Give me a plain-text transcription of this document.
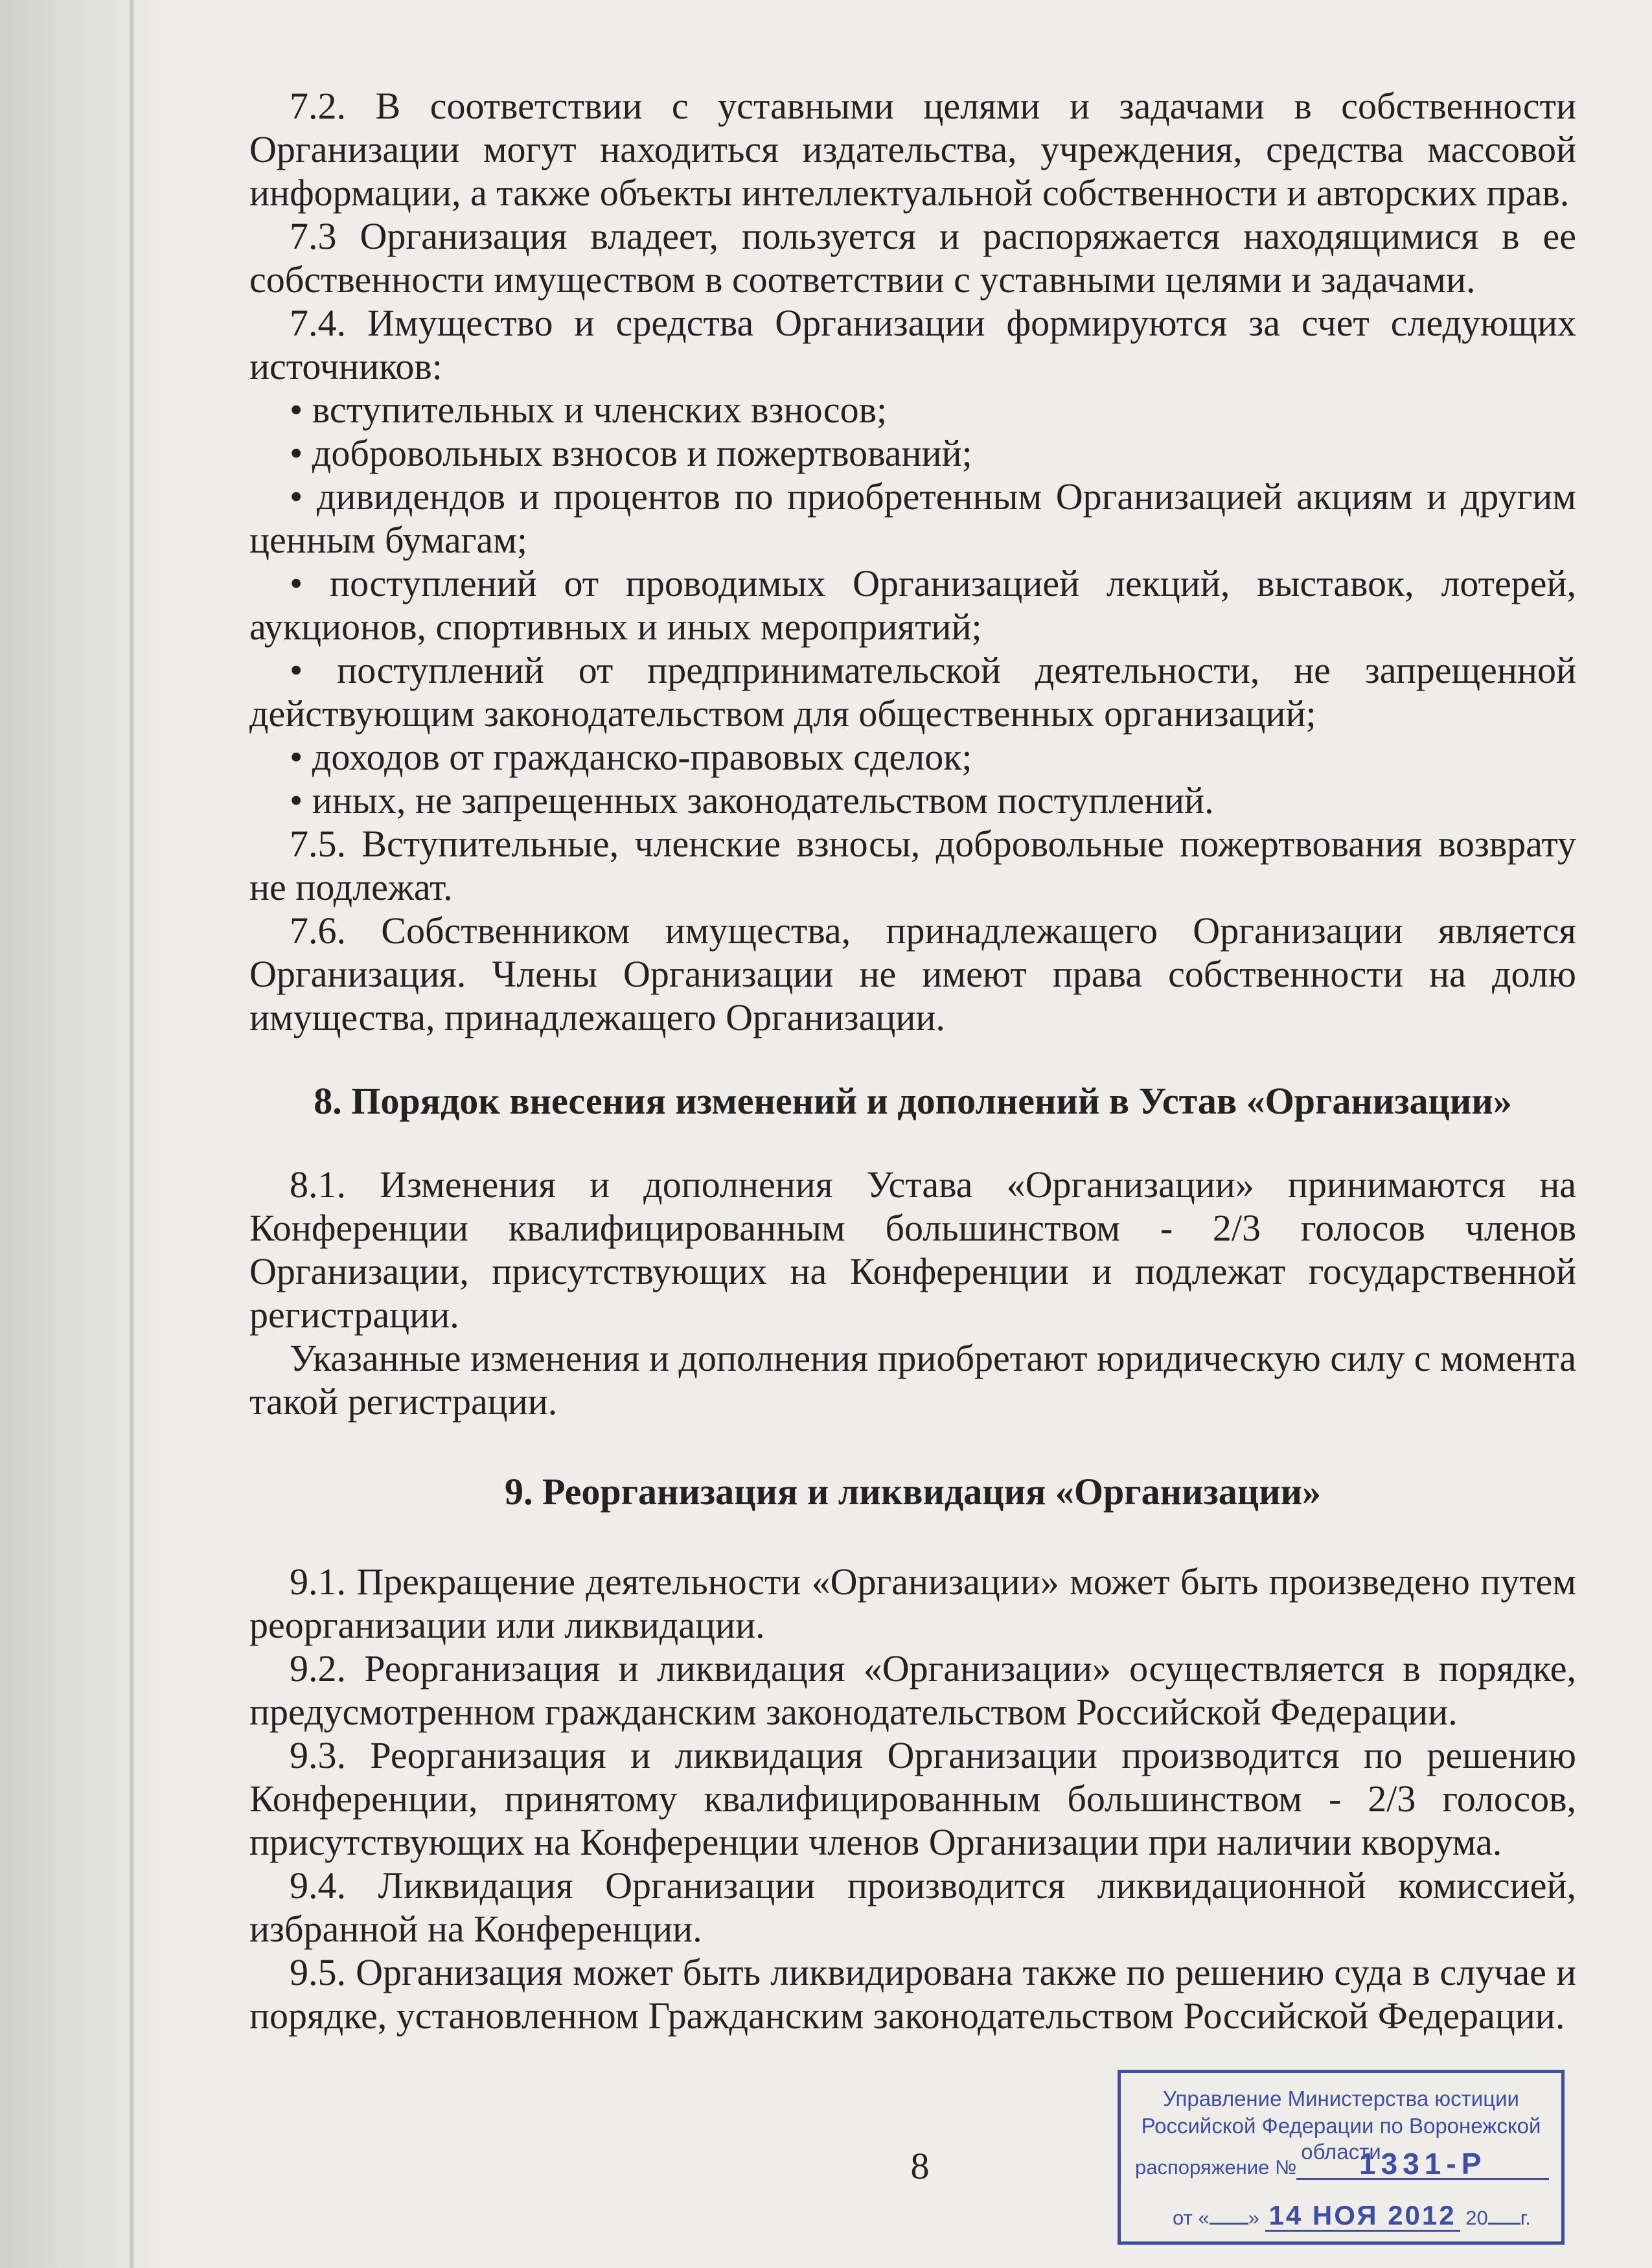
7.2. В соответствии с уставными целями и задачами в собственности Организации могут находиться издательства, учреждения, средства массовой информации, а также объекты интеллектуальной собственности и авторских прав.

7.3 Организация владеет, пользуется и распоряжается находящимися в ее собственности имуществом в соответствии с уставными целями и задачами.

7.4. Имущество и средства Организации формируются за счет следующих источников:

• вступительных и членских взносов;

• добровольных взносов и пожертвований;

• дивидендов и процентов по приобретенным Организацией акциям и другим ценным бумагам;

• поступлений от проводимых Организацией лекций, выставок, лотерей, аукционов, спортивных и иных мероприятий;

• поступлений от предпринимательской деятельности, не запрещенной действующим законодательством для общественных организаций;

• доходов от гражданско-правовых сделок;

• иных, не запрещенных законодательством поступлений.

7.5. Вступительные, членские взносы, добровольные пожертвования возврату не подлежат.

7.6. Собственником имущества, принадлежащего Организации является Организация. Члены Организации не имеют права собственности на долю имущества, принадлежащего Организации.

8. Порядок внесения изменений и дополнений в Устав «Организации»

8.1. Изменения и дополнения Устава «Организации» принимаются на Конференции квалифицированным большинством - 2/3 голосов членов Организации, присутствующих на Конференции и подлежат государственной регистрации.

Указанные изменения и дополнения приобретают юридическую силу с момента такой регистрации.

9. Реорганизация и ликвидация «Организации»

9.1. Прекращение деятельности «Организации» может быть произведено путем реорганизации или ликвидации.

9.2. Реорганизация и ликвидация «Организации» осуществляется в порядке, предусмотренном гражданским законодательством Российской Федерации.

9.3. Реорганизация и ликвидация Организации производится по решению Конференции, принятому квалифицированным большинством - 2/3 голосов, присутствующих на Конференции членов Организации при наличии кворума.

9.4. Ликвидация Организации производится ликвидационной комиссией, избранной на Конференции.

9.5. Организация может быть ликвидирована также по решению суда в случае и порядке, установленном Гражданским законодательством Российской Федерации.

8
Управление Министерства юстиции
Российской Федерации по Воронежской области
распоряжение № 1331-Р
от « » 14 НОЯ 2012 20 г.
